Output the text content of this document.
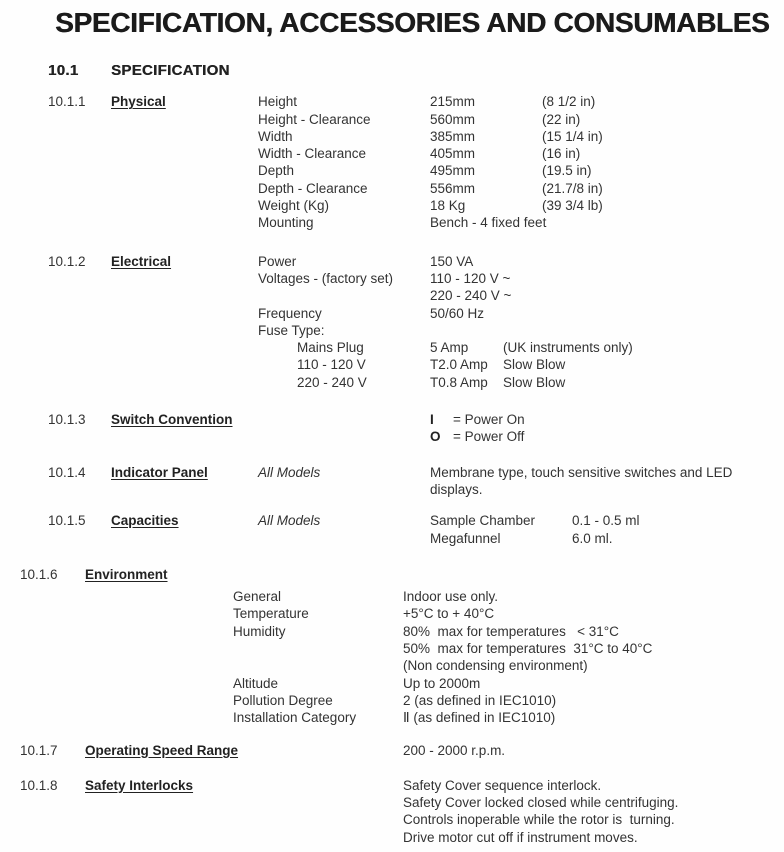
SPECIFICATION, ACCESSORIES AND CONSUMABLES
10.1	SPECIFICATION
10.1.1	Physical	Height	215mm	(8 1/2 in)
Height - Clearance	560mm	(22 in)
Width	385mm	(15 1/4 in)
Width - Clearance	405mm	(16 in)
Depth	495mm	(19.5 in)
Depth - Clearance	556mm	(21.7/8 in)
Weight (Kg)	18 Kg	(39 3/4 lb)
Mounting	Bench - 4 fixed feet
10.1.2	Electrical	Power	150 VA
Voltages - (factory set)	110 - 120 V ~
220 - 240 V ~
Frequency	50/60 Hz
Fuse Type:
Mains Plug	5 Amp	(UK instruments only)
110 - 120 V	T2.0 Amp	Slow Blow
220 - 240 V	T0.8 Amp	Slow Blow
10.1.3	Switch Convention	I	= Power On
O = Power Off
10.1.4	Indicator Panel	All Models	Membrane type, touch sensitive switches and LED displays.
10.1.5	Capacities	All Models	Sample Chamber	0.1 - 0.5 ml
Megafunnel	6.0 ml.
10.1.6	Environment
General	Indoor use only.
Temperature	+5°C to + 40°C
Humidity	80%  max for temperatures   < 31°C
50%  max for temperatures  31°C to 40°C
(Non condensing environment)
Altitude	Up to 2000m
Pollution Degree	2 (as defined in IEC1010)
Installation Category	Ⅱ (as defined in IEC1010)
10.1.7	Operating Speed Range	200 - 2000 r.p.m.
10.1.8	Safety Interlocks	Safety Cover sequence interlock.
Safety Cover locked closed while centrifuging.
Controls inoperable while the rotor is  turning.
Drive motor cut off if instrument moves.
